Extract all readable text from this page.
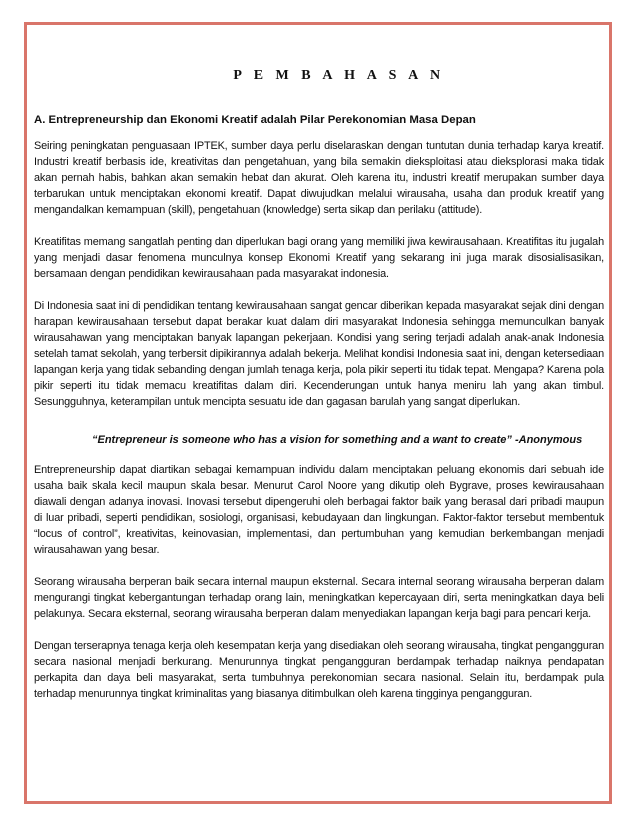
P E M B A H A S A N
A. Entrepreneurship dan Ekonomi Kreatif adalah Pilar Perekonomian Masa Depan

Seiring peningkatan penguasaan IPTEK, sumber daya perlu diselaraskan dengan tuntutan dunia terhadap karya kreatif. Industri kreatif berbasis ide, kreativitas dan pengetahuan, yang bila semakin dieksploitasi atau dieksplorasi maka tidak akan pernah habis, bahkan akan semakin hebat dan akurat. Oleh karena itu, industri kreatif merupakan sumber daya terbarukan untuk menciptakan ekonomi kreatif. Dapat diwujudkan melalui wirausaha, usaha dan produk kreatif yang mengandalkan kemampuan (skill), pengetahuan (knowledge) serta sikap dan perilaku (attitude).

Kreatifitas memang sangatlah penting dan diperlukan bagi orang yang memiliki jiwa kewirausahaan. Kreatifitas itu jugalah yang menjadi dasar fenomena munculnya konsep Ekonomi Kreatif yang sekarang ini juga marak disosialisasikan, bersamaan dengan pendidikan kewirausahaan pada masyarakat indonesia.

Di Indonesia saat ini di pendidikan tentang kewirausahaan sangat gencar diberikan kepada masyarakat sejak dini dengan harapan kewirausahaan tersebut dapat berakar kuat dalam diri masyarakat Indonesia sehingga memunculkan banyak wirausahawan yang menciptakan banyak lapangan pekerjaan. Kondisi yang sering terjadi adalah anak-anak Indonesia setelah tamat sekolah, yang terbersit dipikirannya adalah bekerja. Melihat kondisi Indonesia saat ini, dengan ketersediaan lapangan kerja yang tidak sebanding dengan jumlah tenaga kerja, pola pikir seperti itu tidak tepat. Mengapa? Karena pola pikir seperti itu tidak memacu kreatifitas dalam diri. Kecenderungan untuk hanya meniru lah yang akan timbul. Sesungguhnya, keterampilan untuk mencipta sesuatu ide dan gagasan barulah yang sangat diperlukan.

“Entrepreneur is someone who has a vision for something and a want to create” -Anonymous

Entrepreneurship dapat diartikan sebagai kemampuan individu dalam menciptakan peluang ekonomis dari sebuah ide usaha baik skala kecil maupun skala besar. Menurut Carol Noore yang dikutip oleh Bygrave, proses kewirausahaan diawali dengan adanya inovasi. Inovasi tersebut dipengeruhi oleh berbagai faktor baik yang berasal dari pribadi maupun di luar pribadi, seperti pendidikan, sosiologi, organisasi, kebudayaan dan lingkungan. Faktor-faktor tersebut membentuk “locus of control”, kreativitas, keinovasian, implementasi, dan pertumbuhan yang kemudian berkembangan menjadi wirausahawan yang besar.

Seorang wirausaha berperan baik secara internal maupun eksternal. Secara internal seorang wirausaha berperan dalam mengurangi tingkat kebergantungan terhadap orang lain, meningkatkan kepercayaan diri, serta meningkatkan daya beli pelakunya. Secara eksternal, seorang wirausaha berperan dalam menyediakan lapangan kerja bagi para pencari kerja.

Dengan terserapnya tenaga kerja oleh kesempatan kerja yang disediakan oleh seorang wirausaha, tingkat pengangguran secara nasional menjadi berkurang. Menurunnya tingkat pengangguran berdampak terhadap naiknya pendapatan perkapita dan daya beli masyarakat, serta tumbuhnya perekonomian secara nasional. Selain itu, berdampak pula terhadap menurunnya tingkat kriminalitas yang biasanya ditimbulkan oleh karena tingginya pengangguran.
